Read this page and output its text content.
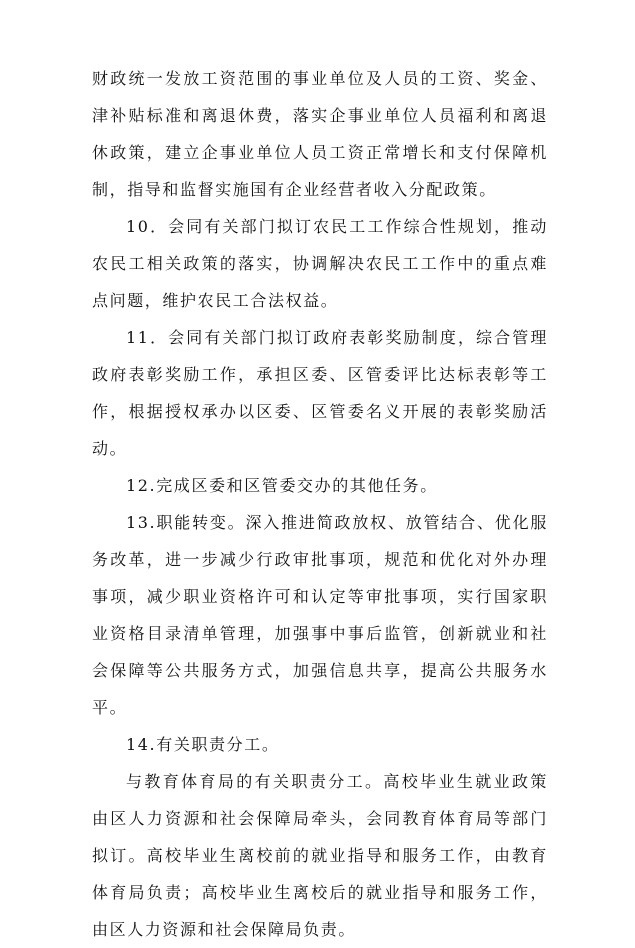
财政统一发放工资范围的事业单位及人员的工资、奖金、津补贴标准和离退休费，落实企事业单位人员福利和离退休政策，建立企事业单位人员工资正常增长和支付保障机制，指导和监督实施国有企业经营者收入分配政策。

10．会同有关部门拟订农民工工作综合性规划，推动农民工相关政策的落实，协调解决农民工工作中的重点难点问题，维护农民工合法权益。

11．会同有关部门拟订政府表彰奖励制度，综合管理政府表彰奖励工作，承担区委、区管委评比达标表彰等工作，根据授权承办以区委、区管委名义开展的表彰奖励活动。

12.完成区委和区管委交办的其他任务。

13.职能转变。深入推进简政放权、放管结合、优化服务改革，进一步减少行政审批事项，规范和优化对外办理事项，减少职业资格许可和认定等审批事项，实行国家职业资格目录清单管理，加强事中事后监管，创新就业和社会保障等公共服务方式，加强信息共享，提高公共服务水平。

14.有关职责分工。

与教育体育局的有关职责分工。高校毕业生就业政策由区人力资源和社会保障局牵头，会同教育体育局等部门拟订。高校毕业生离校前的就业指导和服务工作，由教育体育局负责；高校毕业生离校后的就业指导和服务工作，由区人力资源和社会保障局负责。
